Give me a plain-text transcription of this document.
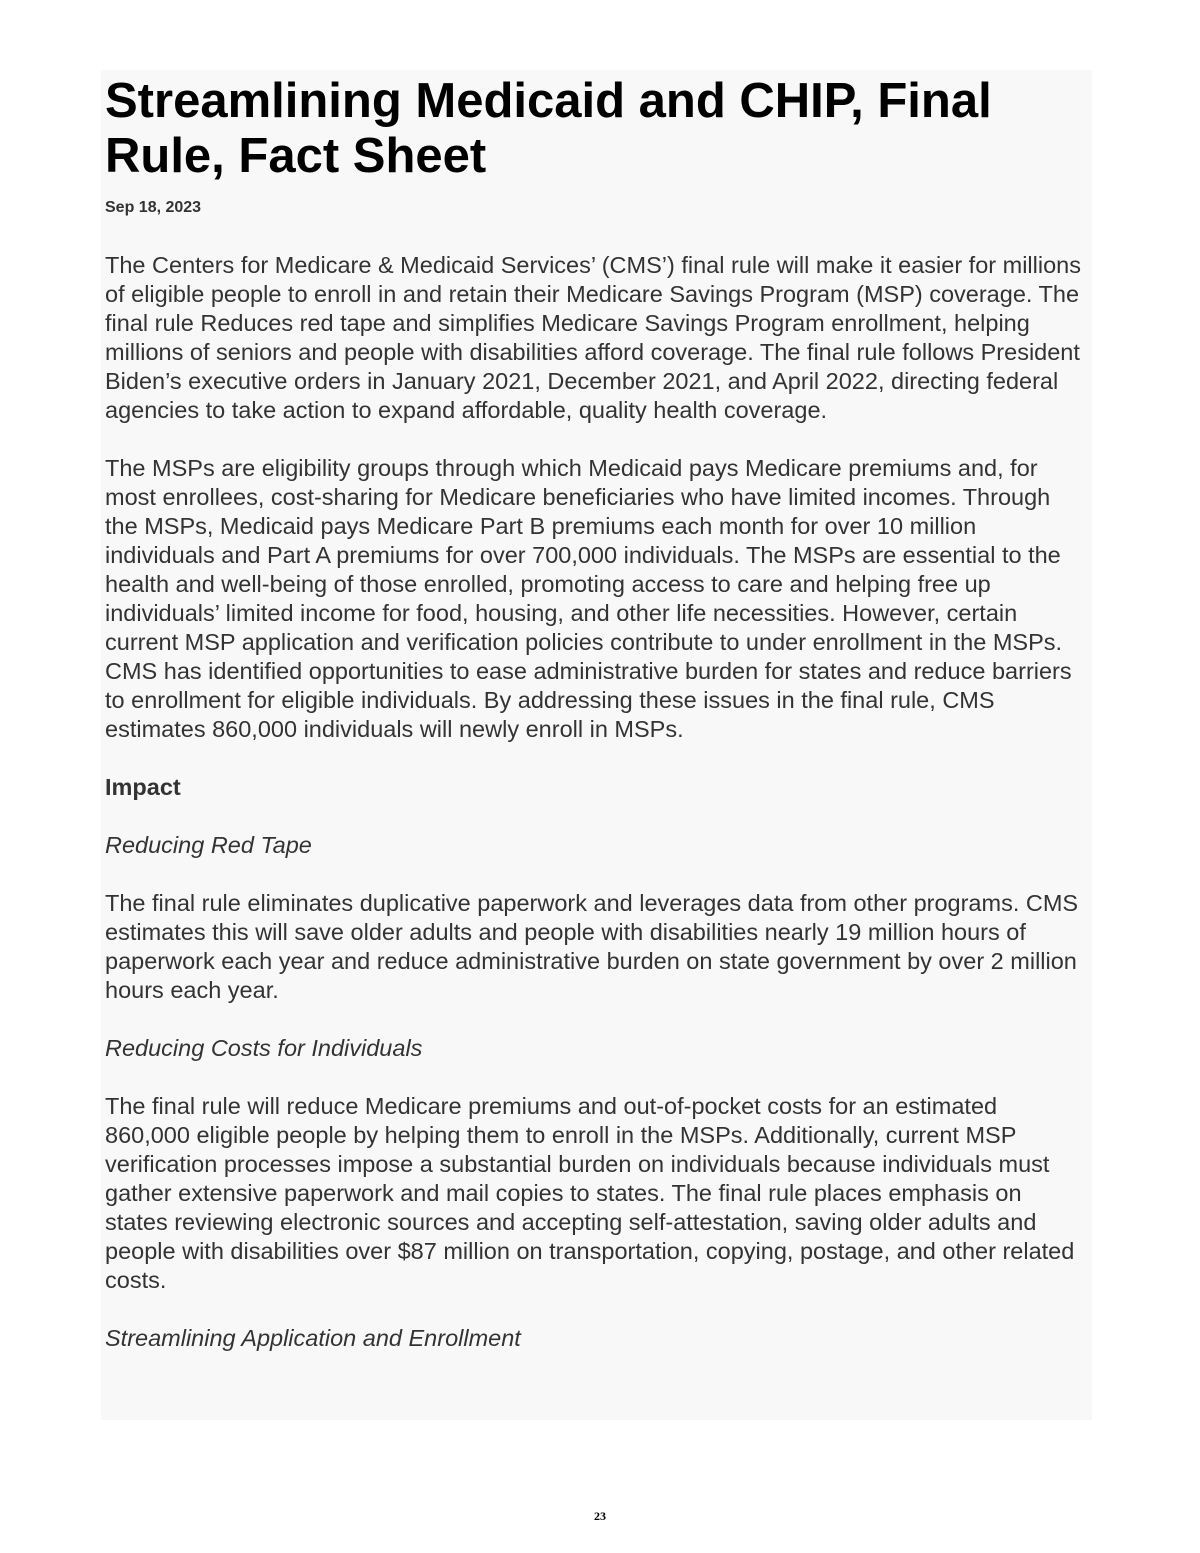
Streamlining Medicaid and CHIP, Final Rule, Fact Sheet
Sep 18, 2023

The Centers for Medicare & Medicaid Services’ (CMS’) final rule will make it easier for millions of eligible people to enroll in and retain their Medicare Savings Program (MSP) coverage. The final rule Reduces red tape and simplifies Medicare Savings Program enrollment, helping millions of seniors and people with disabilities afford coverage. The final rule follows President Biden’s executive orders in January 2021, December 2021, and April 2022, directing federal agencies to take action to expand affordable, quality health coverage.

The MSPs are eligibility groups through which Medicaid pays Medicare premiums and, for most enrollees, cost-sharing for Medicare beneficiaries who have limited incomes. Through the MSPs, Medicaid pays Medicare Part B premiums each month for over 10 million individuals and Part A premiums for over 700,000 individuals. The MSPs are essential to the health and well-being of those enrolled, promoting access to care and helping free up individuals’ limited income for food, housing, and other life necessities. However, certain current MSP application and verification policies contribute to under enrollment in the MSPs. CMS has identified opportunities to ease administrative burden for states and reduce barriers to enrollment for eligible individuals. By addressing these issues in the final rule, CMS estimates 860,000 individuals will newly enroll in MSPs.

Impact
Reducing Red Tape

The final rule eliminates duplicative paperwork and leverages data from other programs. CMS estimates this will save older adults and people with disabilities nearly 19 million hours of paperwork each year and reduce administrative burden on state government by over 2 million hours each year.

Reducing Costs for Individuals

The final rule will reduce Medicare premiums and out-of-pocket costs for an estimated 860,000 eligible people by helping them to enroll in the MSPs. Additionally, current MSP verification processes impose a substantial burden on individuals because individuals must gather extensive paperwork and mail copies to states. The final rule places emphasis on states reviewing electronic sources and accepting self-attestation, saving older adults and people with disabilities over $87 million on transportation, copying, postage, and other related costs.

Streamlining Application and Enrollment
23
